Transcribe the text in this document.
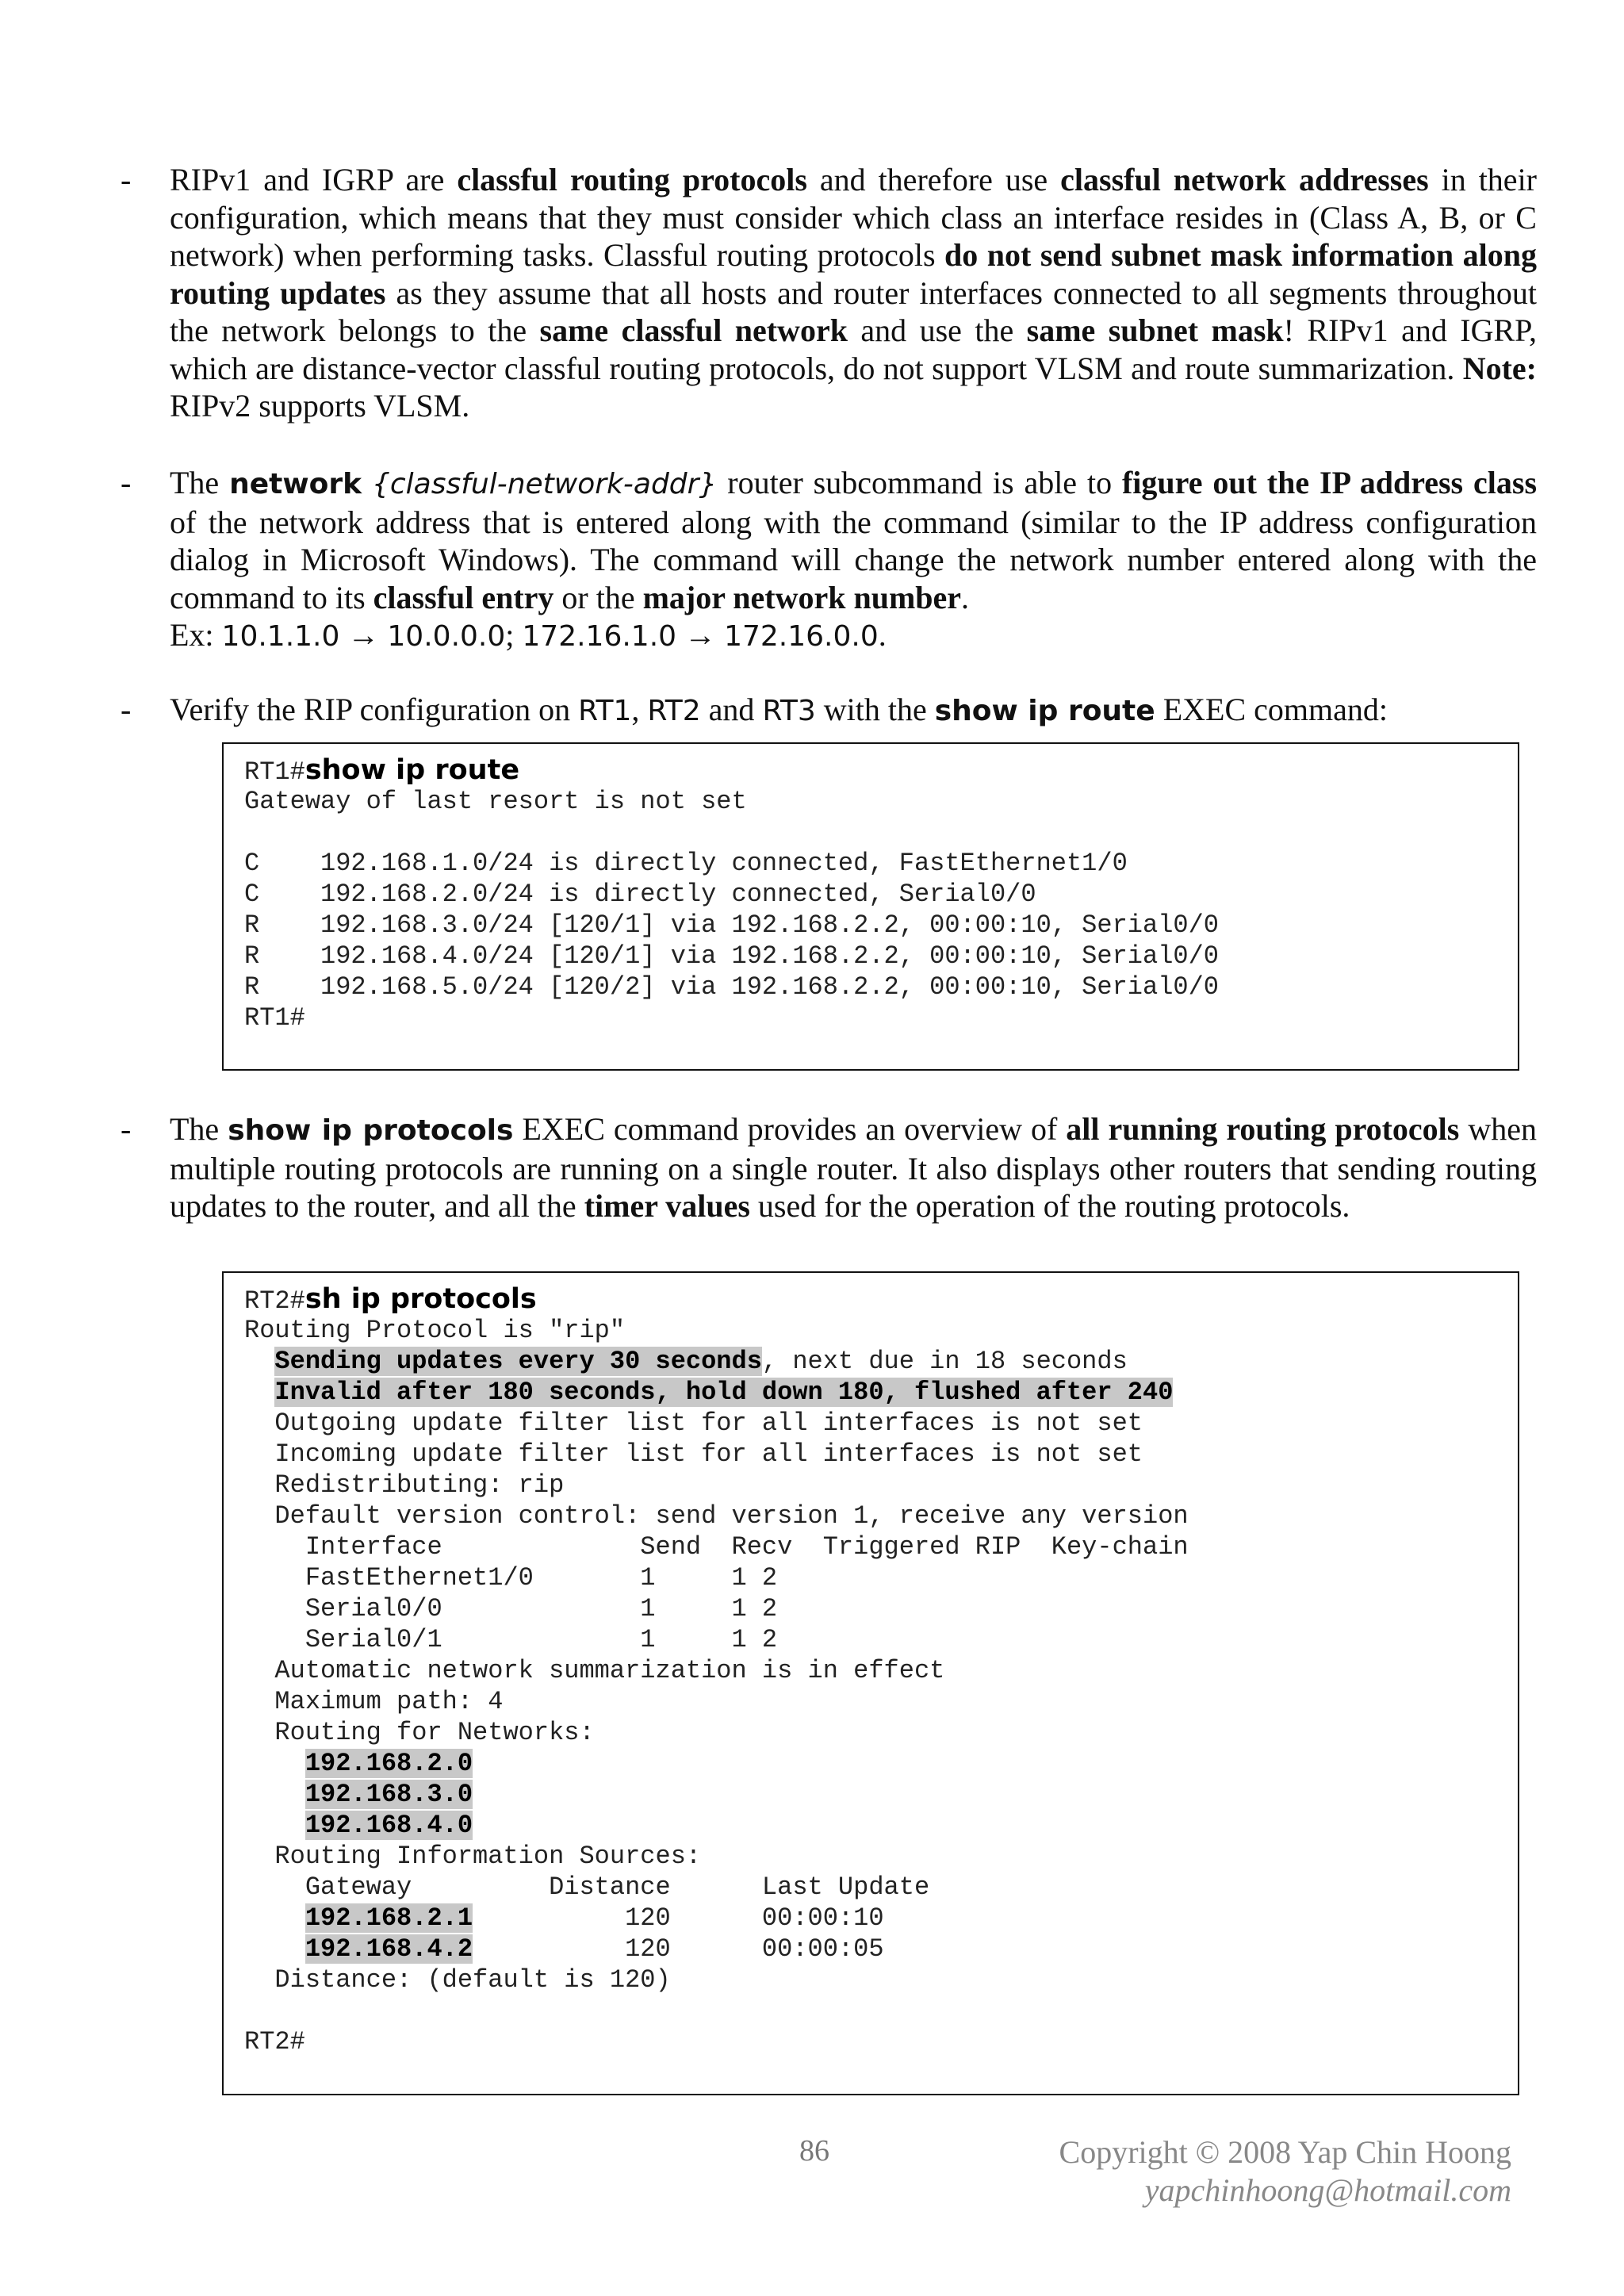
- RIPv1 and IGRP are classful routing protocols and therefore use classful network addresses in their configuration, which means that they must consider which class an interface resides in (Class A, B, or C network) when performing tasks. Classful routing protocols do not send subnet mask information along routing updates as they assume that all hosts and router interfaces connected to all segments throughout the network belongs to the same classful network and use the same subnet mask! RIPv1 and IGRP, which are distance-vector classful routing protocols, do not support VLSM and route summarization. Note: RIPv2 supports VLSM.

- The network {classful-network-addr} router subcommand is able to figure out the IP address class of the network address that is entered along with the command (similar to the IP address configuration dialog in Microsoft Windows). The command will change the network number entered along with the command to its classful entry or the major network number.

Ex: 10.1.1.0 → 10.0.0.0; 172.16.1.0 → 172.16.0.0.

- Verify the RIP configuration on RT1, RT2 and RT3 with the show ip route EXEC command:

RT1#show ip route
Gateway of last resort is not set
C    192.168.1.0/24 is directly connected, FastEthernet1/0
C    192.168.2.0/24 is directly connected, Serial0/0
R    192.168.3.0/24 [120/1] via 192.168.2.2, 00:00:10, Serial0/0
R    192.168.4.0/24 [120/1] via 192.168.2.2, 00:00:10, Serial0/0
R    192.168.5.0/24 [120/2] via 192.168.2.2, 00:00:10, Serial0/0
RT1#
- The show ip protocols EXEC command provides an overview of all running routing protocols when multiple routing protocols are running on a single router. It also displays other routers that sending routing updates to the router, and all the timer values used for the operation of the routing protocols.

RT2#sh ip protocols
Routing Protocol is "rip"
Sending updates every 30 seconds, next due in 18 seconds
Invalid after 180 seconds, hold down 180, flushed after 240
Outgoing update filter list for all interfaces is not set
Incoming update filter list for all interfaces is not set
Redistributing: rip
Default version control: send version 1, receive any version
Interface             Send  Recv  Triggered RIP  Key-chain
FastEthernet1/0       1     1 2
Serial0/0             1     1 2
Serial0/1             1     1 2
Automatic network summarization is in effect
Maximum path: 4
Routing for Networks:
192.168.2.0
192.168.3.0
192.168.4.0
Routing Information Sources:
Gateway         Distance      Last Update
192.168.2.1          120      00:00:10
192.168.4.2          120      00:00:05
Distance: (default is 120)
RT2#
86	Copyright © 2008 Yap Chin Hoong
yapchinhoong@hotmail.com
